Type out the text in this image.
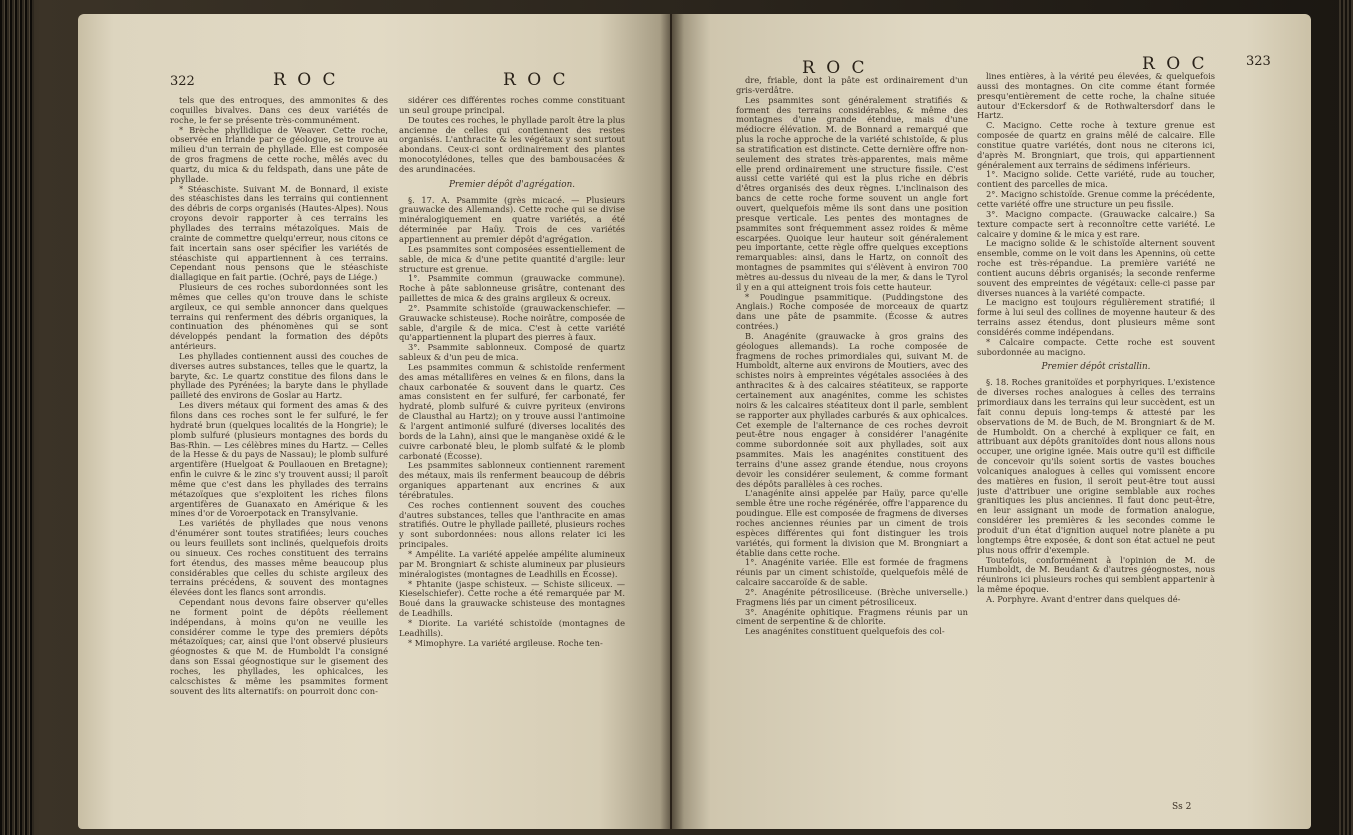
322	R O C	R O C

tels que des entroques, des ammonites & des coquilles bivalves. Dans ces deux variétés de roche, le fer se présente très-communément.

* Brèche phyllidique de Weaver. Cette roche, observée en Irlande par ce géologue, se trouve au milieu d'un terrain de phyllade. Elle est composée de gros fragmens de cette roche, mêlés avec du quartz, du mica & du feldspath, dans une pâte de phyllade.

* Stéaschiste. Suivant M. de Bonnard, il existe des stéaschistes dans les terrains qui contiennent des débris de corps organisés (Hautes-Alpes). Nous croyons devoir rapporter à ces terrains les phyllades des terrains métazoïques. Mais de crainte de commettre quelqu'erreur, nous citons ce fait incertain sans oser spécifier les variétés de stéaschiste qui appartiennent à ces terrains. Cependant nous pensons que le stéaschiste diallagique en fait partie. (Ochré, pays de Liége.)

Plusieurs de ces roches subordonnées sont les mêmes que celles qu'on trouve dans le schiste argileux, ce qui semble annoncer dans quelques terrains qui renferment des débris organiques, la continuation des phénomènes qui se sont développés pendant la formation des dépôts antérieurs.

Les phyllades contiennent aussi des couches de diverses autres substances, telles que le quartz, la baryte, &c. Le quartz constitue des filons dans le phyllade des Pyrénées; la baryte dans le phyllade pailleté des environs de Goslar au Hartz.

Les divers métaux qui forment des amas & des filons dans ces roches sont le fer sulfuré, le fer hydraté brun (quelques localités de la Hongrie); le plomb sulfuré (plusieurs montagnes des bords du Bas-Rhin. — Les célèbres mines du Hartz. — Celles de la Hesse & du pays de Nassau); le plomb sulfuré argentifère (Huelgoat & Poullaouen en Bretagne); enfin le cuivre & le zinc s'y trouvent aussi; il paroît même que c'est dans les phyllades des terrains métazoïques que s'exploitent les riches filons argentifères de Guanaxato en Amérique & les mines d'or de Voroerpotack en Transylvanie.

Les variétés de phyllades que nous venons d'énumérer sont toutes stratifiées; leurs couches ou leurs feuillets sont inclinés, quelquefois droits ou sinueux. Ces roches constituent des terrains fort étendus, des masses même beaucoup plus considérables que celles du schiste argileux des terrains précédens, & souvent des montagnes élevées dont les flancs sont arrondis.

Cependant nous devons faire observer qu'elles ne forment point de dépôts réellement indépendans, à moins qu'on ne veuille les considérer comme le type des premiers dépôts métazoïques; car, ainsi que l'ont observé plusieurs géognostes & que M. de Humboldt l'a consigné dans son Essai géognostique sur le gisement des roches, les phyllades, les ophicalces, les calcschistes & même les psammites forment souvent des lits alternatifs: on pourroit donc con-

sidérer ces différentes roches comme constituant un seul groupe principal.

De toutes ces roches, le phyllade paroît être la plus ancienne de celles qui contiennent des restes organisés. L'anthracite & les végétaux y sont surtout abondans. Ceux-ci sont ordinairement des plantes monocotylédones, telles que des bambousacées & des arundinacées.

Premier dépôt d'agrégation.

§. 17. A. Psammite (grès micacé. — Plusieurs grauwacke des Allemands). Cette roche qui se divise minéralogiquement en quatre variétés, a été déterminée par Haüy. Trois de ces variétés appartiennent au premier dépôt d'agrégation.

Les psammites sont composées essentiellement de sable, de mica & d'une petite quantité d'argile: leur structure est grenue.

1°. Psammite commun (grauwacke commune). Roche à pâte sablonneuse grisâtre, contenant des paillettes de mica & des grains argileux & ocreux.

2°. Psammite schistoïde (grauwackenschiefer. — Grauwacke schisteuse). Roche noirâtre, composée de sable, d'argile & de mica. C'est à cette variété qu'appartiennent la plupart des pierres à faux.

3°. Psammite sablonneux. Composé de quartz sableux & d'un peu de mica.

Les psammites commun & schistoïde renferment des amas métallifères en veines & en filons, dans la chaux carbonatée & souvent dans le quartz. Ces amas consistent en fer sulfuré, fer carbonaté, fer hydraté, plomb sulfuré & cuivre pyriteux (environs de Clausthal au Hartz); on y trouve aussi l'antimoine & l'argent antimonié sulfuré (diverses localités des bords de la Lahn), ainsi que le manganèse oxidé & le cuivre carbonaté bleu, le plomb sulfaté & le plomb carbonaté (Écosse).

Les psammites sablonneux contiennent rarement des métaux, mais ils renferment beaucoup de débris organiques appartenant aux encrines & aux térébratules.

Ces roches contiennent souvent des couches d'autres substances, telles que l'anthracite en amas stratifiés. Outre le phyllade pailleté, plusieurs roches y sont subordonnées: nous allons relater ici les principales.

* Ampélite. La variété appelée ampélite alumineux par M. Brongniart & schiste alumineux par plusieurs minéralogistes (montagnes de Leadhills en Écosse).

* Phtanite (jaspe schisteux. — Schiste siliceux. — Kieselschiefer). Cette roche a été remarquée par M. Boué dans la grauwacke schisteuse des montagnes de Leadhills.

* Diorite. La variété schistoïde (montagnes de Leadhills).

* Mimophyre. La variété argileuse. Roche ten-

R O C	R O C	323

dre, friable, dont la pâte est ordinairement d'un gris-verdâtre.

Les psammites sont généralement stratifiés & forment des terrains considérables, & même des montagnes d'une grande étendue, mais d'une médiocre élévation. M. de Bonnard a remarqué que plus la roche approche de la variété schistoïde, & plus sa stratification est distincte. Cette dernière offre non-seulement des strates très-apparentes, mais même elle prend ordinairement une structure fissile. C'est aussi cette variété qui est la plus riche en débris d'êtres organisés des deux règnes. L'inclinaison des bancs de cette roche forme souvent un angle fort ouvert, quelquefois même ils sont dans une position presque verticale. Les pentes des montagnes de psammites sont fréquemment assez roides & même escarpées. Quoique leur hauteur soit généralement peu importante, cette règle offre quelques exceptions remarquables: ainsi, dans le Hartz, on connoît des montagnes de psammites qui s'élèvent à environ 700 mètres au-dessus du niveau de la mer, & dans le Tyrol il y en a qui atteignent trois fois cette hauteur.

* Poudingue psammitique. (Puddingstone des Anglais.) Roche composée de morceaux de quartz dans une pâte de psammite. (Écosse & autres contrées.)

B. Anagénite (grauwacke à gros grains des géologues allemands). La roche composée de fragmens de roches primordiales qui, suivant M. de Humboldt, alterne aux environs de Moutiers, avec des schistes noirs à empreintes végétales associées à des anthracites & à des calcaires stéatiteux, se rapporte certainement aux anagénites, comme les schistes noirs & les calcaires stéatiteux dont il parle, semblent se rapporter aux phyllades carburés & aux ophicalces. Cet exemple de l'alternance de ces roches devroit peut-être nous engager à considérer l'anagénite comme subordonnée soit aux phyllades, soit aux psammites. Mais les anagénites constituent des terrains d'une assez grande étendue, nous croyons devoir les considérer seulement, & comme formant des dépôts parallèles à ces roches.

L'anagénite ainsi appelée par Haüy, parce qu'elle semble être une roche régénérée, offre l'apparence du poudingue. Elle est composée de fragmens de diverses roches anciennes réunies par un ciment de trois espèces différentes qui font distinguer les trois variétés, qui forment la division que M. Brongniart a établie dans cette roche.

1°. Anagénite variée. Elle est formée de fragmens réunis par un ciment schistoïde, quelquefois mêlé de calcaire saccaroïde & de sable.

2°. Anagénite pétrosiliceuse. (Brèche universelle.) Fragmens liés par un ciment pétrosiliceux.

3°. Anagénite ophitique. Fragmens réunis par un ciment de serpentine & de chlorite.

Les anagénites constituent quelquefois des col-

lines entières, à la vérité peu élevées, & quelquefois aussi des montagnes. On cite comme étant formée presqu'entièrement de cette roche, la chaîne située autour d'Eckersdorf & de Rothwaltersdorf dans le Hartz.

C. Macigno. Cette roche à texture grenue est composée de quartz en grains mêlé de calcaire. Elle constitue quatre variétés, dont nous ne citerons ici, d'après M. Brongniart, que trois, qui appartiennent généralement aux terrains de sédimens inférieurs.

1°. Macigno solide. Cette variété, rude au toucher, contient des parcelles de mica.

2°. Macigno schistoïde. Grenue comme la précédente, cette variété offre une structure un peu fissile.

3°. Macigno compacte. (Grauwacke calcaire.) Sa texture compacte sert à reconnoître cette variété. Le calcaire y domine & le mica y est rare.

Le macigno solide & le schistoïde alternent souvent ensemble, comme on le voit dans les Apennins, où cette roche est très-répandue. La première variété ne contient aucuns débris organisés; la seconde renferme souvent des empreintes de végétaux: celle-ci passe par diverses nuances à la variété compacte.

Le macigno est toujours régulièrement stratifié; il forme à lui seul des collines de moyenne hauteur & des terrains assez étendus, dont plusieurs même sont considérés comme indépendans.

* Calcaire compacte. Cette roche est souvent subordonnée au macigno.

Premier dépôt cristallin.

§. 18. Roches granitoïdes et porphyriques. L'existence de diverses roches analogues à celles des terrains primordiaux dans les terrains qui leur succèdent, est un fait connu depuis long-temps & attesté par les observations de M. de Buch, de M. Brongniart & de M. de Humboldt. On a cherché à expliquer ce fait, en attribuant aux dépôts granitoïdes dont nous allons nous occuper, une origine ignée. Mais outre qu'il est difficile de concevoir qu'ils soient sortis de vastes bouches volcaniques analogues à celles qui vomissent encore des matières en fusion, il seroit peut-être tout aussi juste d'attribuer une origine semblable aux roches granitiques les plus anciennes. Il faut donc peut-être, en leur assignant un mode de formation analogue, considérer les premières & les secondes comme le produit d'un état d'ignition auquel notre planète a pu longtemps être exposée, & dont son état actuel ne peut plus nous offrir d'exemple.

Toutefois, conformément à l'opinion de M. de Humboldt, de M. Beudant & d'autres géognostes, nous réunirons ici plusieurs roches qui semblent appartenir à la même époque.

A. Porphyre. Avant d'entrer dans quelques dé-

Ss 2
